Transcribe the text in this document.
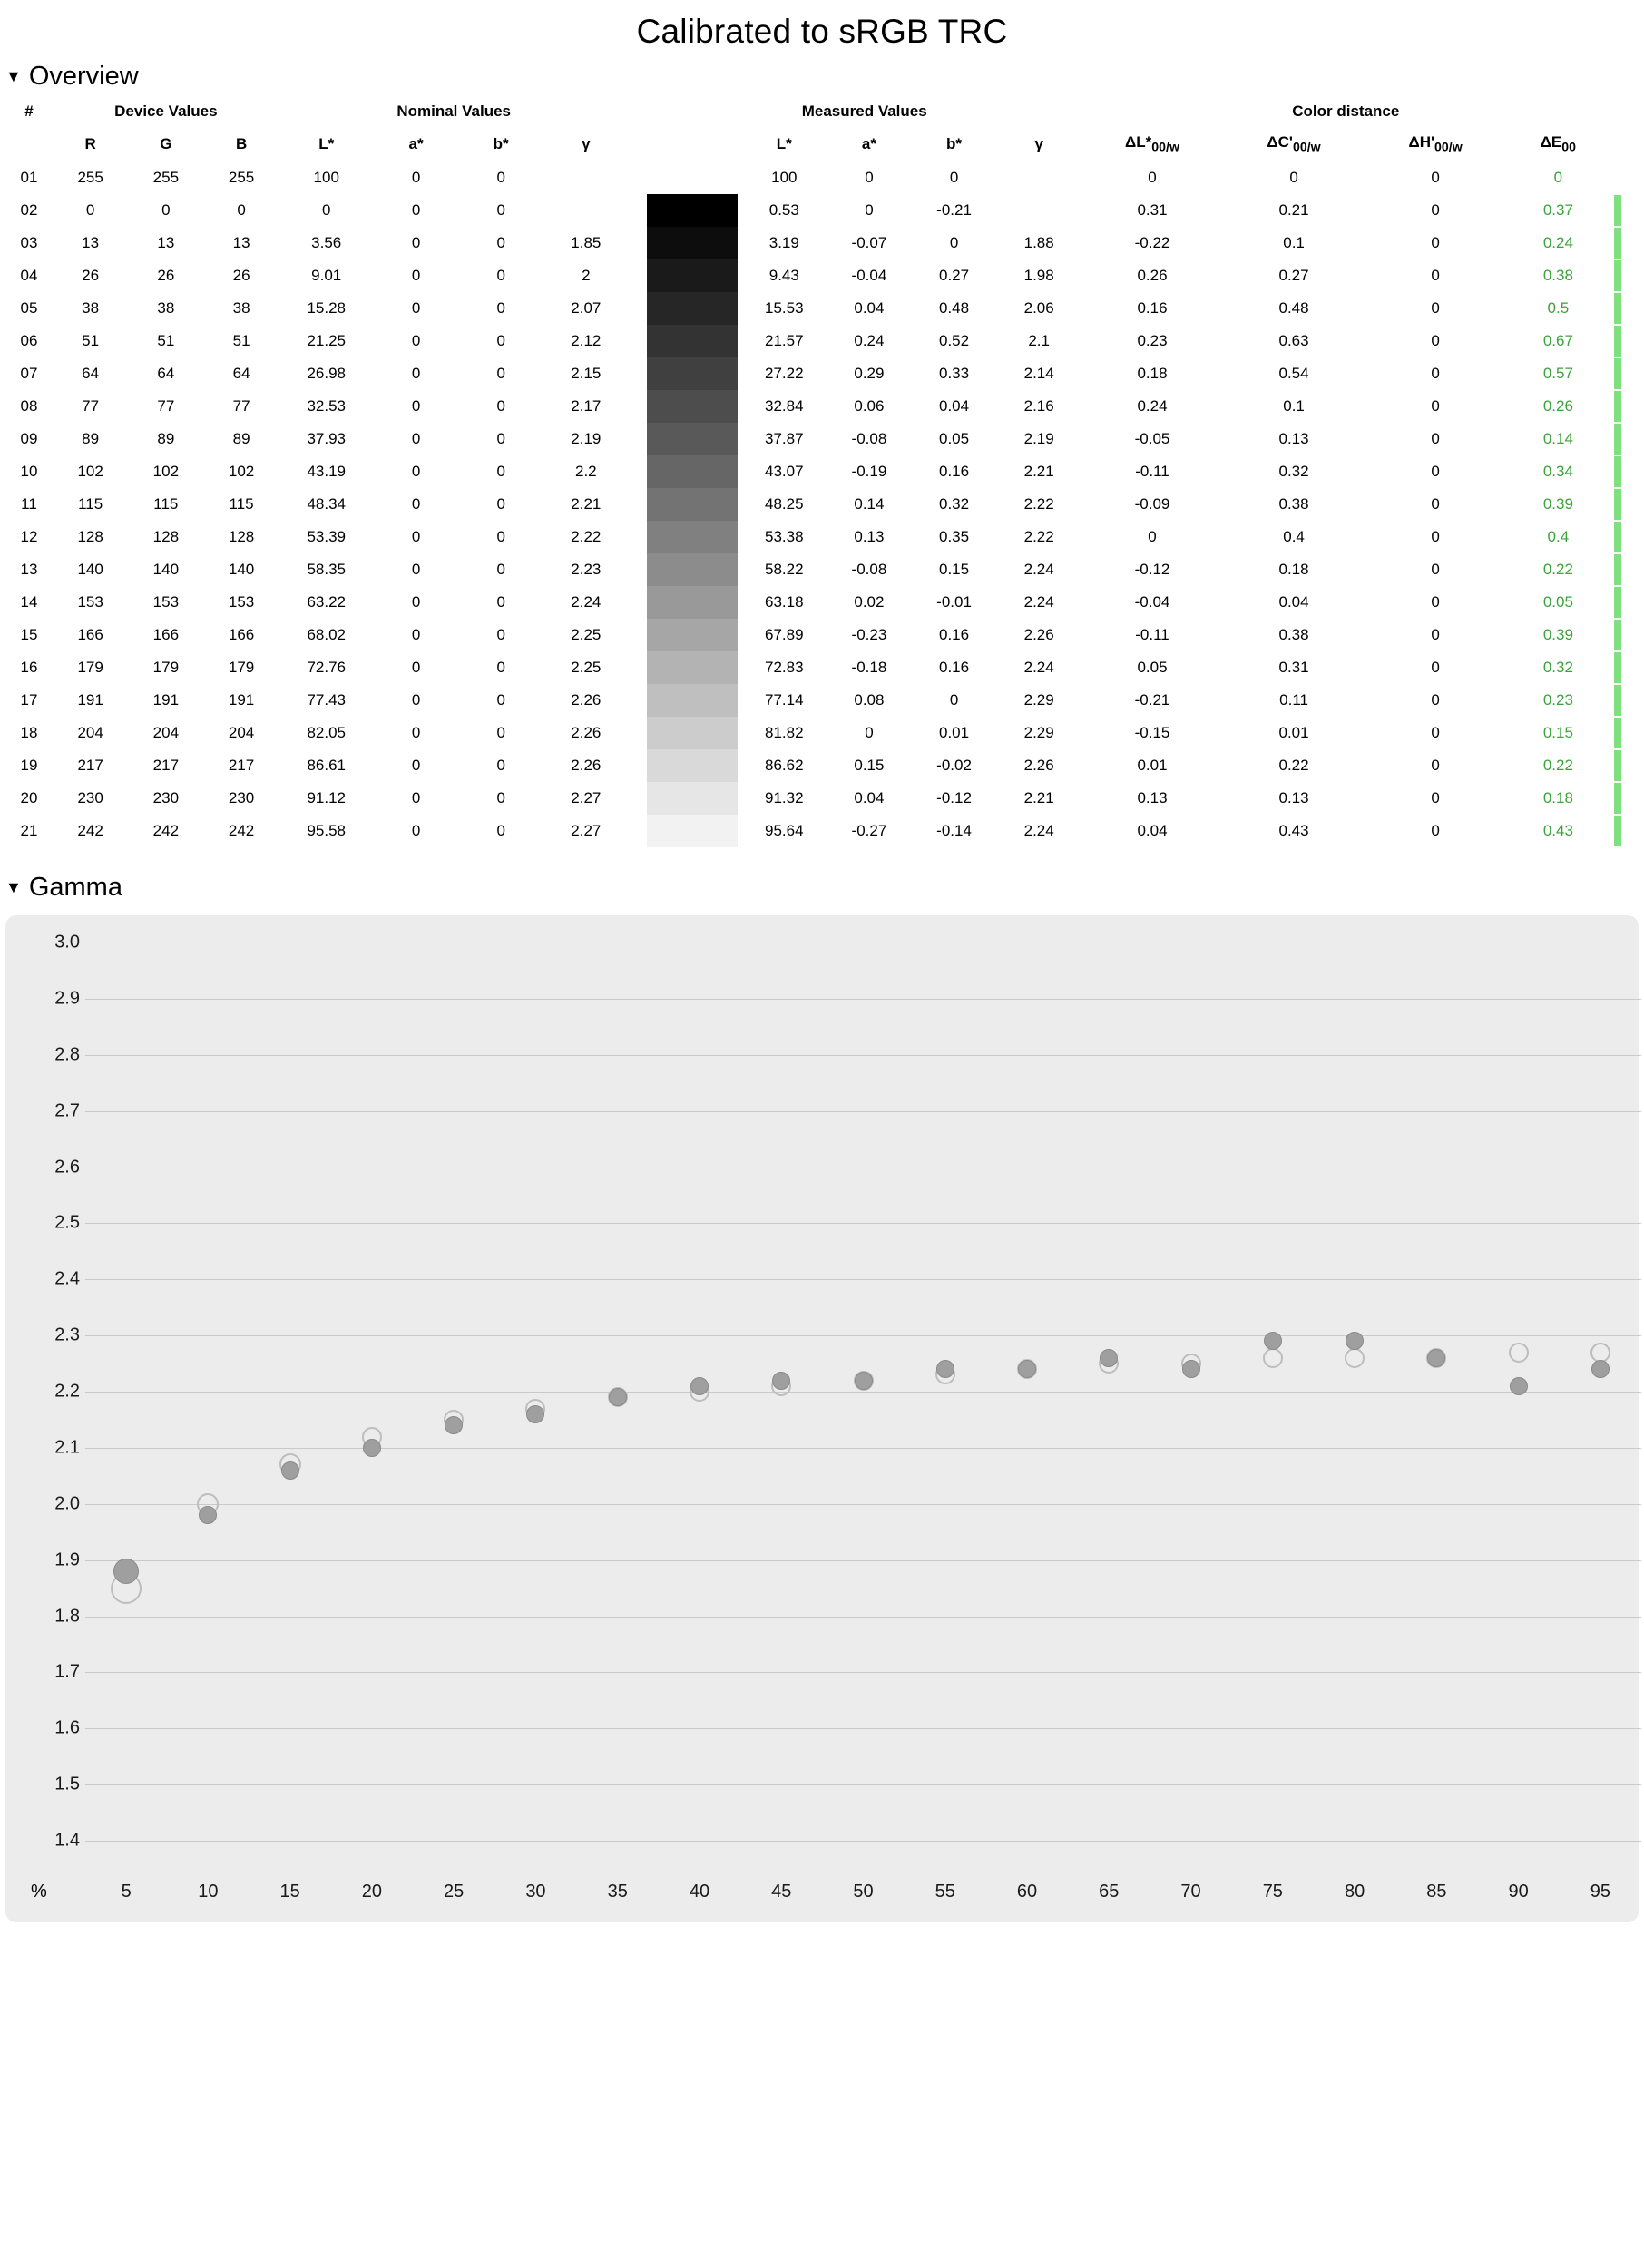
Calibrated to sRGB TRC
▼ Overview
#	Device Values			Nominal Values					Measured Values					Color distance				
	R	G	B	L*	a*	b*	γ			L*	a*	b*	γ	$\Delta L*_{00/w}$	$\Delta C'_{00/w}$	$\Delta H'_{00/w}$	$\Delta E_{00}$	
01	255	255	255	100	0	0				100	0	0		0	0	0	0	
02	0	0	0	0	0	0				0.53	0	-0.21		0.31	0.21	0	0.37	

03	13	13	13	3.56	0	0	1.85			3.19	-0.07	0	1.88	-0.22	0.1	0	0.24	

04	26	26	26	9.01	0	0	2			9.43	-0.04	0.27	1.98	0.26	0.27	0	0.38	

05	38	38	38	15.28	0	0	2.07			15.53	0.04	0.48	2.06	0.16	0.48	0	0.5	

06	51	51	51	21.25	0	0	2.12			21.57	0.24	0.52	2.1	0.23	0.63	0	0.67	

07	64	64	64	26.98	0	0	2.15			27.22	0.29	0.33	2.14	0.18	0.54	0	0.57	

08	77	77	77	32.53	0	0	2.17			32.84	0.06	0.04	2.16	0.24	0.1	0	0.26	

09	89	89	89	37.93	0	0	2.19			37.87	-0.08	0.05	2.19	-0.05	0.13	0	0.14	

10	102	102	102	43.19	0	0	2.2			43.07	-0.19	0.16	2.21	-0.11	0.32	0	0.34	

11	115	115	115	48.34	0	0	2.21			48.25	0.14	0.32	2.22	-0.09	0.38	0	0.39	

12	128	128	128	53.39	0	0	2.22			53.38	0.13	0.35	2.22	0	0.4	0	0.4	

13	140	140	140	58.35	0	0	2.23			58.22	-0.08	0.15	2.24	-0.12	0.18	0	0.22	

14	153	153	153	63.22	0	0	2.24			63.18	0.02	-0.01	2.24	-0.04	0.04	0	0.05	

15	166	166	166	68.02	0	0	2.25			67.89	-0.23	0.16	2.26	-0.11	0.38	0	0.39	

16	179	179	179	72.76	0	0	2.25			72.83	-0.18	0.16	2.24	0.05	0.31	0	0.32	

17	191	191	191	77.43	0	0	2.26			77.14	0.08	0	2.29	-0.21	0.11	0	0.23	

18	204	204	204	82.05	0	0	2.26			81.82	0	0.01	2.29	-0.15	0.01	0	0.15	

19	217	217	217	86.61	0	0	2.26			86.62	0.15	-0.02	2.26	0.01	0.22	0	0.22	

20	230	230	230	91.12	0	0	2.27			91.32	0.04	-0.12	2.21	0.13	0.13	0	0.18	

21	242	242	242	95.58	0	0	2.27			95.64	-0.27	-0.14	2.24	0.04	0.43	0	0.43	
▼ Gamma
3.0
2.9
2.8
2.7
2.6
2.5
2.4
2.3
2.2
2.1
2.0
1.9
1.8
1.7
1.6
1.5
1.4
5	10	15	20	25	30	35	40	45	50	55	60	65	70	75	80	85	90	95
%
